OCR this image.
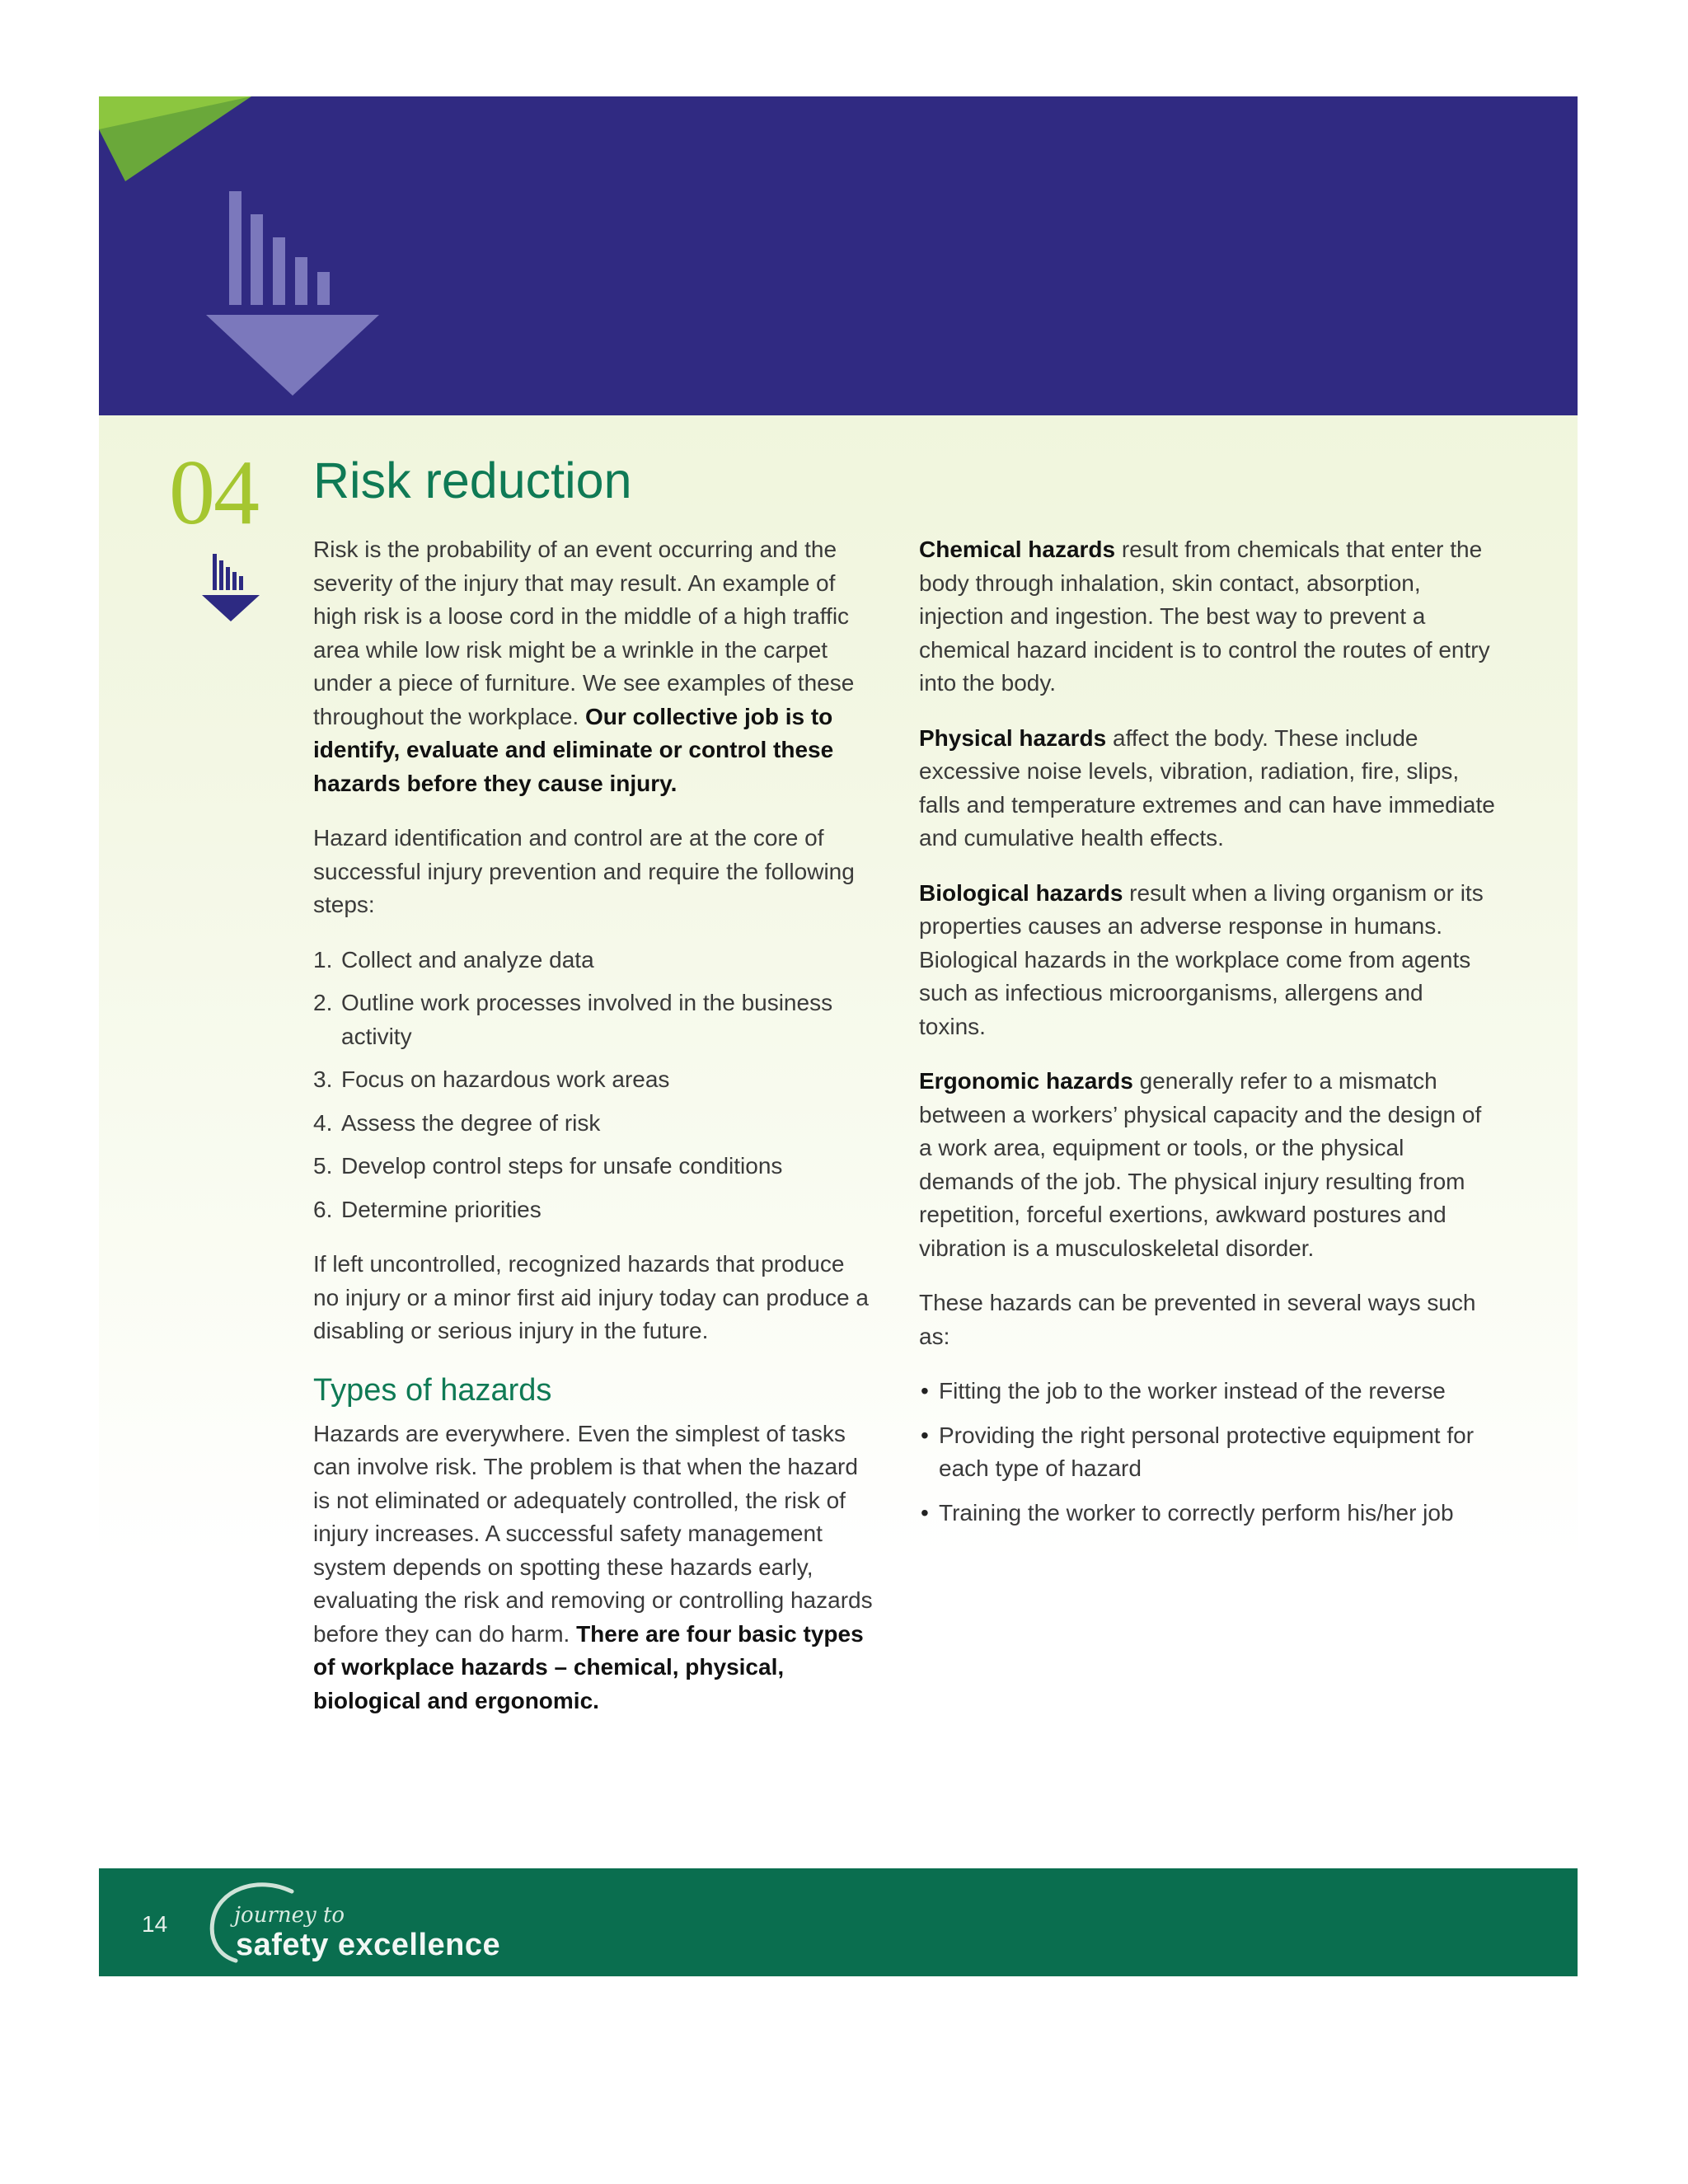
04	Risk reduction

Risk is the probability of an event occurring and the severity of the injury that may result. An example of high risk is a loose cord in the middle of a high traffic area while low risk might be a wrinkle in the carpet under a piece of furniture. We see examples of these throughout the workplace. Our collective job is to identify, evaluate and eliminate or control these hazards before they cause injury.

Hazard identification and control are at the core of successful injury prevention and require the following steps:

1. Collect and analyze data
2. Outline work processes involved in the business activity
3. Focus on hazardous work areas
4. Assess the degree of risk
5. Develop control steps for unsafe conditions
6. Determine priorities

If left uncontrolled, recognized hazards that produce no injury or a minor first aid injury today can produce a disabling or serious injury in the future.

Types of hazards

Hazards are everywhere. Even the simplest of tasks can involve risk. The problem is that when the hazard is not eliminated or adequately controlled, the risk of injury increases. A successful safety management system depends on spotting these hazards early, evaluating the risk and removing or controlling hazards before they can do harm. There are four basic types of workplace hazards – chemical, physical, biological and ergonomic.

Chemical hazards result from chemicals that enter the body through inhalation, skin contact, absorption, injection and ingestion. The best way to prevent a chemical hazard incident is to control the routes of entry into the body.

Physical hazards affect the body. These include excessive noise levels, vibration, radiation, fire, slips, falls and temperature extremes and can have immediate and cumulative health effects.

Biological hazards result when a living organism or its properties causes an adverse response in humans. Biological hazards in the workplace come from agents such as infectious microorganisms, allergens and toxins.

Ergonomic hazards generally refer to a mismatch between a workers’ physical capacity and the design of a work area, equipment or tools, or the physical demands of the job. The physical injury resulting from repetition, forceful exertions, awkward postures and vibration is a musculoskeletal disorder.

These hazards can be prevented in several ways such as:

• Fitting the job to the worker instead of the reverse
• Providing the right personal protective equipment for each type of hazard
• Training the worker to correctly perform his/her job
14	journey to
safety excellence
